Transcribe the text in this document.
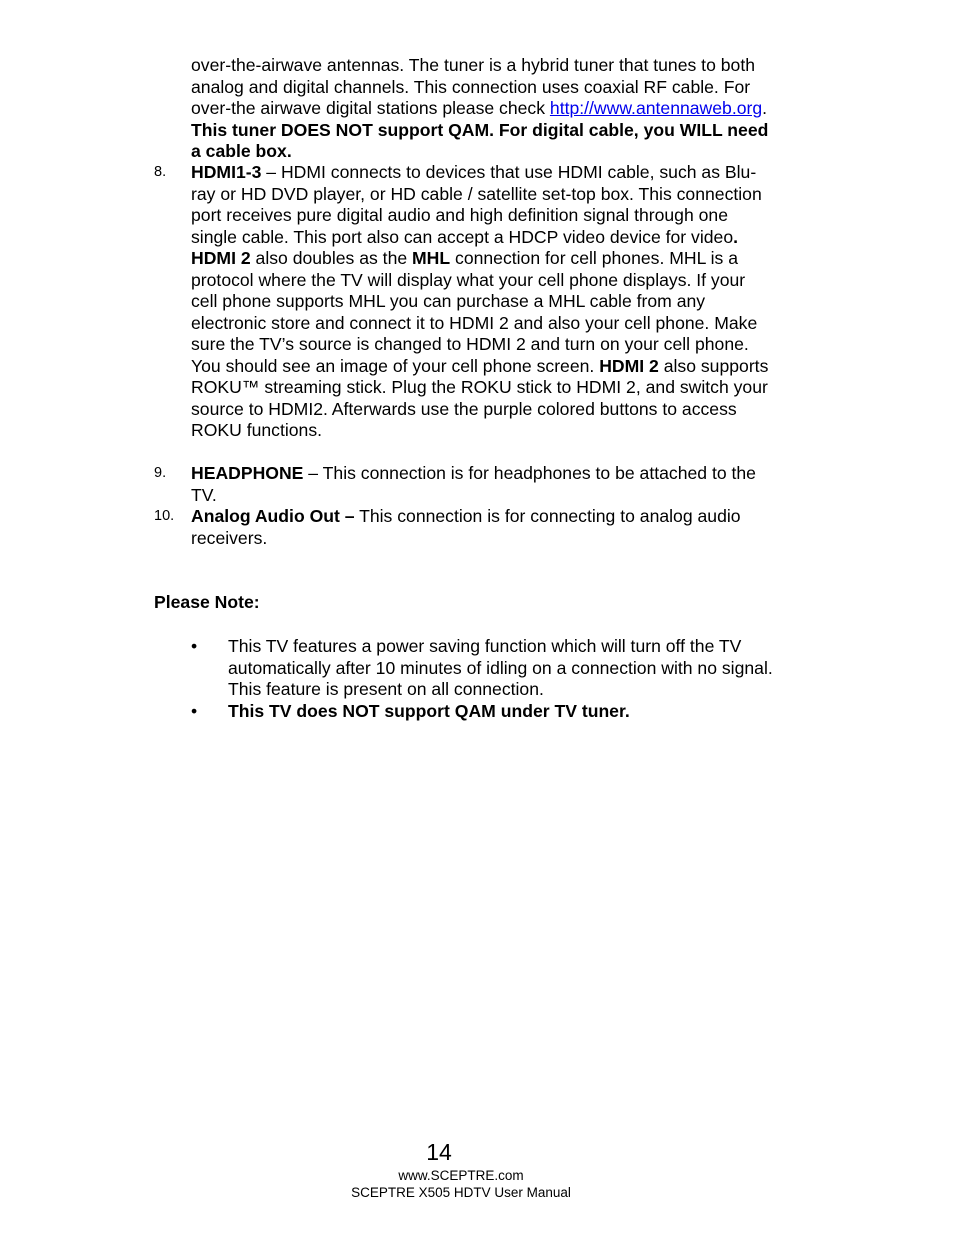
over-the-airwave antennas. The tuner is a hybrid tuner that tunes to both analog and digital channels. This connection uses coaxial RF cable. For over-the airwave digital stations please check http://www.antennaweb.org. This tuner DOES NOT support QAM. For digital cable, you WILL need a cable box.
8. HDMI1-3 – HDMI connects to devices that use HDMI cable, such as Blu-ray or HD DVD player, or HD cable / satellite set-top box. This connection port receives pure digital audio and high definition signal through one single cable. This port also can accept a HDCP video device for video.  HDMI 2 also doubles as the MHL connection for cell phones. MHL is a protocol where the TV will display what your cell phone displays. If your cell phone supports MHL you can purchase a MHL cable from any electronic store and connect it to HDMI 2 and also your cell phone. Make sure the TV’s source is changed to HDMI 2 and turn on your cell phone. You should see an image of your cell phone screen. HDMI 2 also supports ROKU™ streaming stick. Plug the ROKU stick to HDMI 2, and switch your source to HDMI2. Afterwards use the purple colored buttons to access ROKU functions.
9. HEADPHONE – This connection is for headphones to be attached to the TV.
10. Analog Audio Out – This connection is for connecting to analog audio receivers.
Please Note:
• This TV features a power saving function which will turn off the TV automatically after 10 minutes of idling on a connection with no signal. This feature is present on all connection.
• This TV does NOT support QAM under TV tuner.
14
www.SCEPTRE.com
SCEPTRE X505 HDTV User Manual
